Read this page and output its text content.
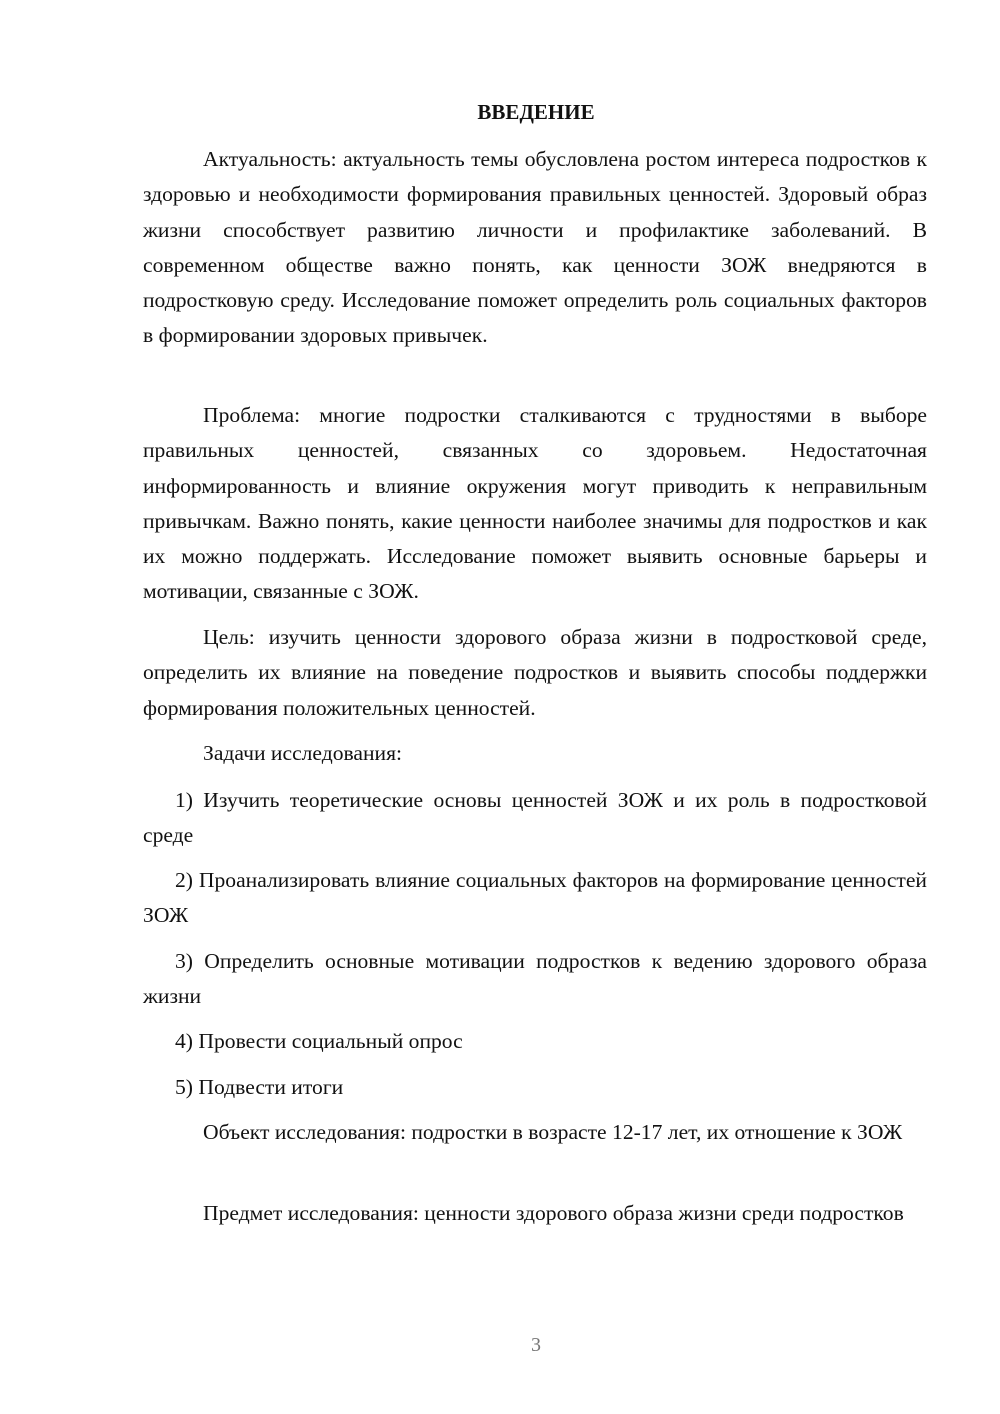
ВВЕДЕНИЕ

Актуальность: актуальность темы обусловлена ростом интереса подростков к здоровью и необходимости формирования правильных ценностей. Здоровый образ жизни способствует развитию личности и профилактике заболеваний. В современном обществе важно понять, как ценности ЗОЖ внедряются в подростковую среду. Исследование поможет определить роль социальных факторов в формировании здоровых привычек.

Проблема: многие подростки сталкиваются с трудностями в выборе правильных ценностей, связанных со здоровьем. Недостаточная информированность и влияние окружения могут приводить к неправильным привычкам. Важно понять, какие ценности наиболее значимы для подростков и как их можно поддержать. Исследование поможет выявить основные барьеры и мотивации, связанные с ЗОЖ.

Цель: изучить ценности здорового образа жизни в подростковой среде, определить их влияние на поведение подростков и выявить способы поддержки формирования положительных ценностей.

Задачи исследования:

1) Изучить теоретические основы ценностей ЗОЖ и их роль в подростковой среде

2) Проанализировать влияние социальных факторов на формирование ценностей ЗОЖ

3) Определить основные мотивации подростков к ведению здорового образа жизни

4) Провести социальный опрос

5) Подвести итоги

Объект исследования: подростки в возрасте 12-17 лет, их отношение к ЗОЖ

Предмет исследования: ценности здорового образа жизни среди подростков

3
